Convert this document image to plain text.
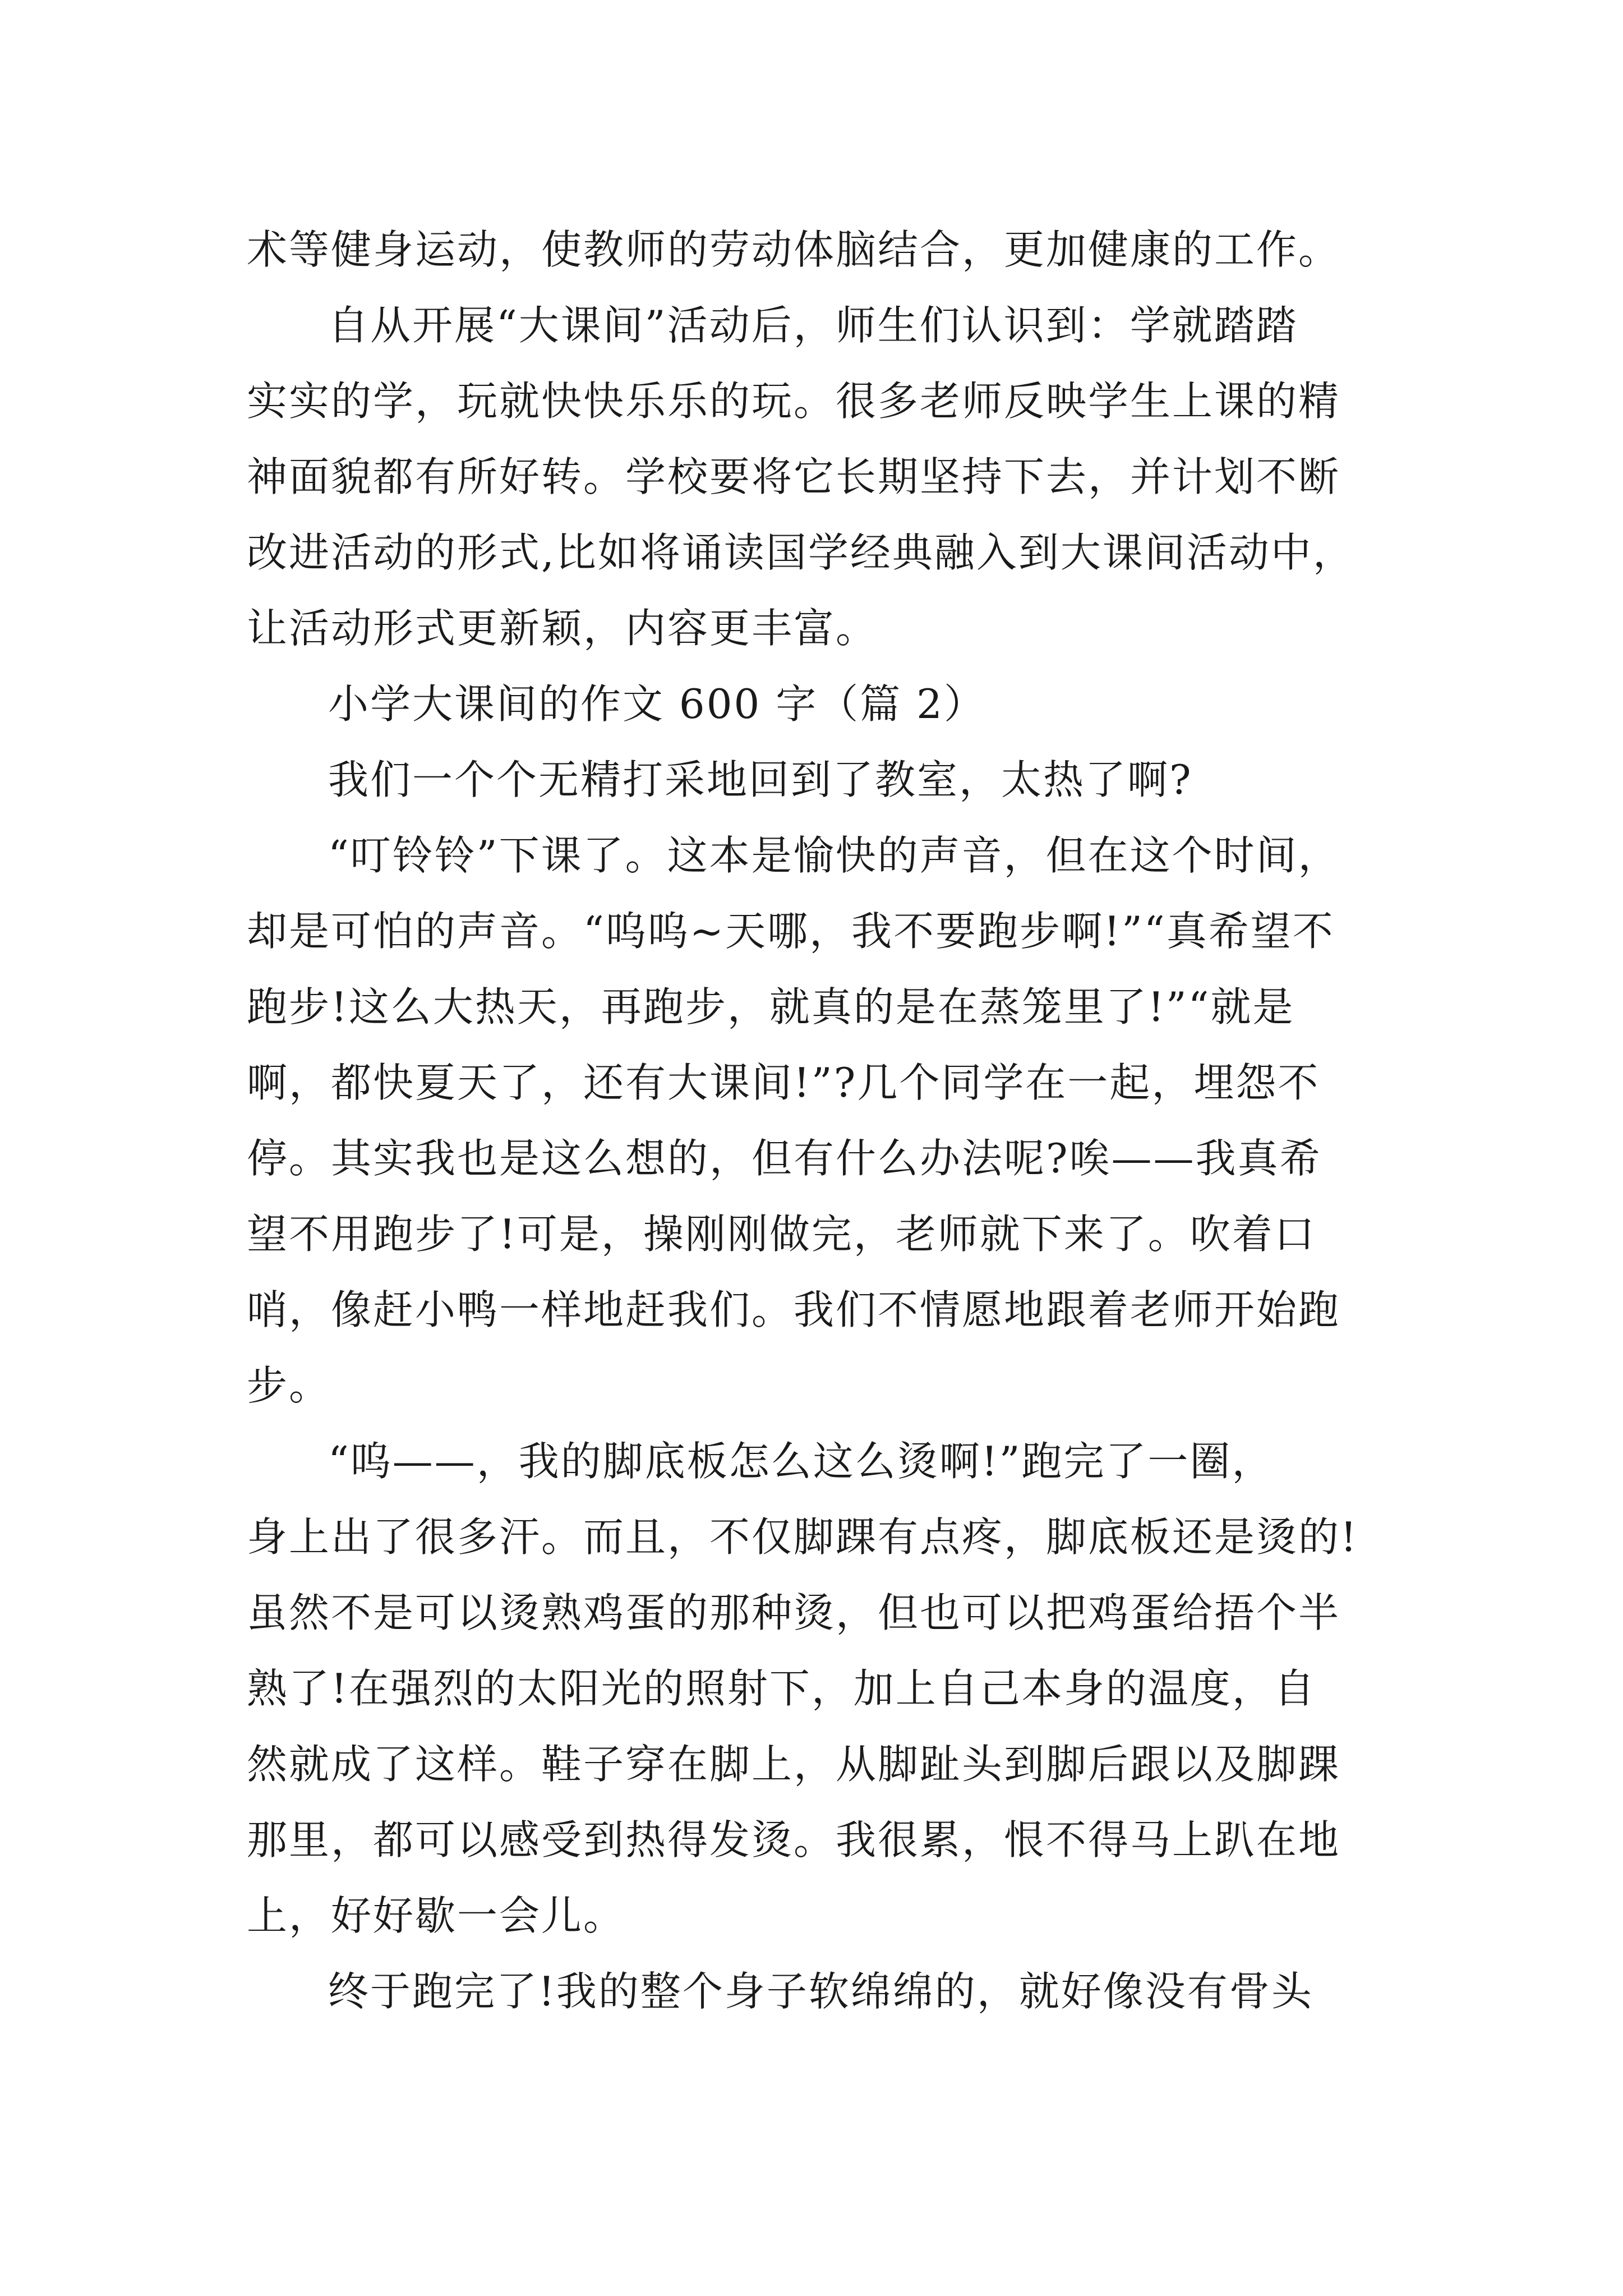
术等健身运动，使教师的劳动体脑结合，更加健康的工作。
自从开展“大课间”活动后，师生们认识到：学就踏踏
实实的学，玩就快快乐乐的玩。很多老师反映学生上课的精
神面貌都有所好转。学校要将它长期坚持下去，并计划不断
改进活动的形式,比如将诵读国学经典融入到大课间活动中，
让活动形式更新颖，内容更丰富。
小学大课间的作文 600 字（篇 2）
我们一个个无精打采地回到了教室，太热了啊?
“叮铃铃”下课了。这本是愉快的声音，但在这个时间，
却是可怕的声音。“呜呜~天哪，我不要跑步啊!”“真希望不
跑步!这么大热天，再跑步，就真的是在蒸笼里了!”“就是
啊，都快夏天了，还有大课间!”?几个同学在一起，埋怨不
停。其实我也是这么想的，但有什么办法呢?唉——我真希
望不用跑步了!可是，操刚刚做完，老师就下来了。吹着口
哨，像赶小鸭一样地赶我们。我们不情愿地跟着老师开始跑
步。
“呜——，我的脚底板怎么这么烫啊!”跑完了一圈，
身上出了很多汗。而且，不仅脚踝有点疼，脚底板还是烫的!
虽然不是可以烫熟鸡蛋的那种烫，但也可以把鸡蛋给捂个半
熟了!在强烈的太阳光的照射下，加上自己本身的温度，自
然就成了这样。鞋子穿在脚上，从脚趾头到脚后跟以及脚踝
那里，都可以感受到热得发烫。我很累，恨不得马上趴在地
上，好好歇一会儿。
终于跑完了!我的整个身子软绵绵的，就好像没有骨头
